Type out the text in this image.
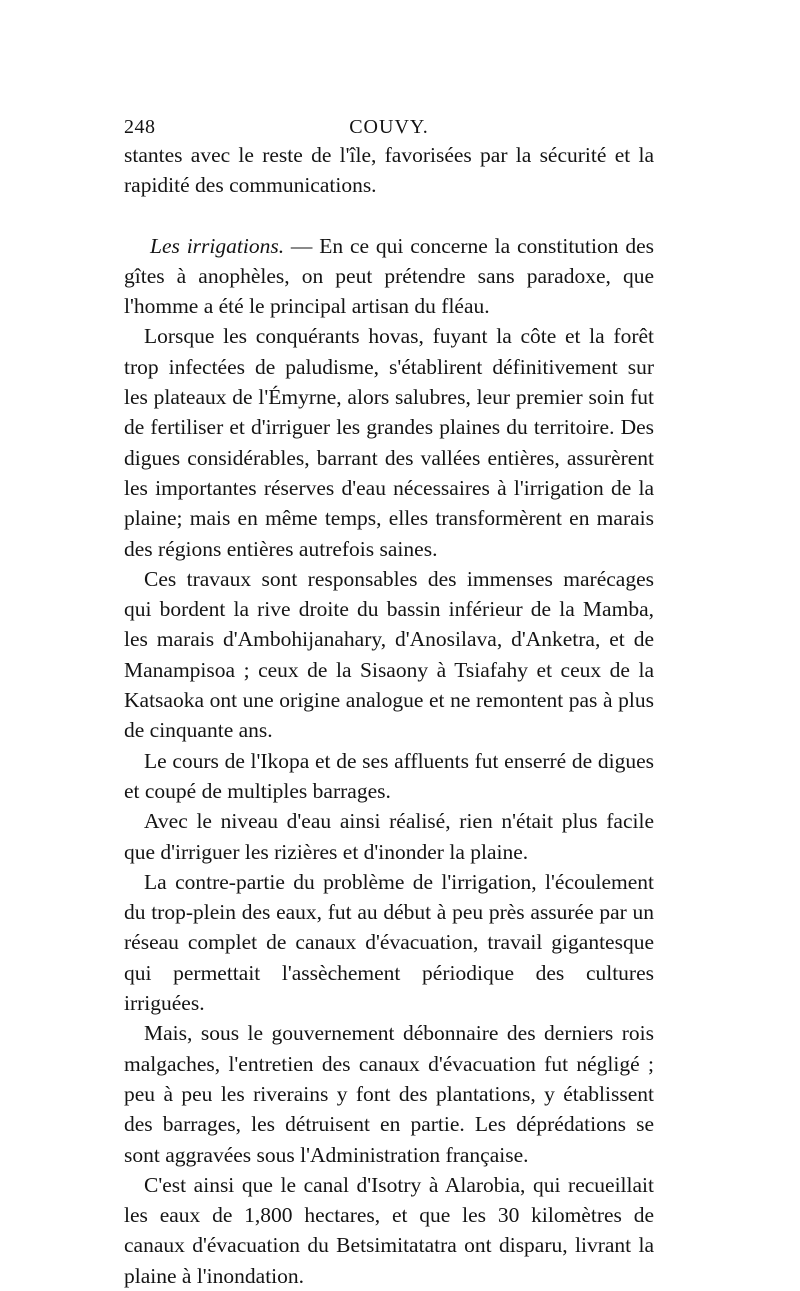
248	COUVY.

stantes avec le reste de l'île, favorisées par la sécurité et la rapidité des communications.

Les irrigations. — En ce qui concerne la constitution des gîtes à anophèles, on peut prétendre sans paradoxe, que l'homme a été le principal artisan du fléau.

Lorsque les conquérants hovas, fuyant la côte et la forêt trop infectées de paludisme, s'établirent définitivement sur les plateaux de l'Émyrne, alors salubres, leur premier soin fut de fertiliser et d'irriguer les grandes plaines du territoire. Des digues considérables, barrant des vallées entières, assurèrent les importantes réserves d'eau nécessaires à l'irrigation de la plaine; mais en même temps, elles transformèrent en marais des régions entières autrefois saines.

Ces travaux sont responsables des immenses marécages qui bordent la rive droite du bassin inférieur de la Mamba, les marais d'Ambohijanahary, d'Anosilava, d'Anketra, et de Manampisoa ; ceux de la Sisaony à Tsiafahy et ceux de la Katsaoka ont une origine analogue et ne remontent pas à plus de cinquante ans.

Le cours de l'Ikopa et de ses affluents fut enserré de digues et coupé de multiples barrages.

Avec le niveau d'eau ainsi réalisé, rien n'était plus facile que d'irriguer les rizières et d'inonder la plaine.

La contre-partie du problème de l'irrigation, l'écoulement du trop-plein des eaux, fut au début à peu près assurée par un réseau complet de canaux d'évacuation, travail gigantesque qui permettait l'assèchement périodique des cultures irriguées.

Mais, sous le gouvernement débonnaire des derniers rois malgaches, l'entretien des canaux d'évacuation fut négligé ; peu à peu les riverains y font des plantations, y établissent des barrages, les détruisent en partie. Les déprédations se sont aggravées sous l'Administration française.

C'est ainsi que le canal d'Isotry à Alarobia, qui recueillait les eaux de 1,800 hectares, et que les 30 kilomètres de canaux d'évacuation du Betsimitatatra ont disparu, livrant la plaine à l'inondation.
